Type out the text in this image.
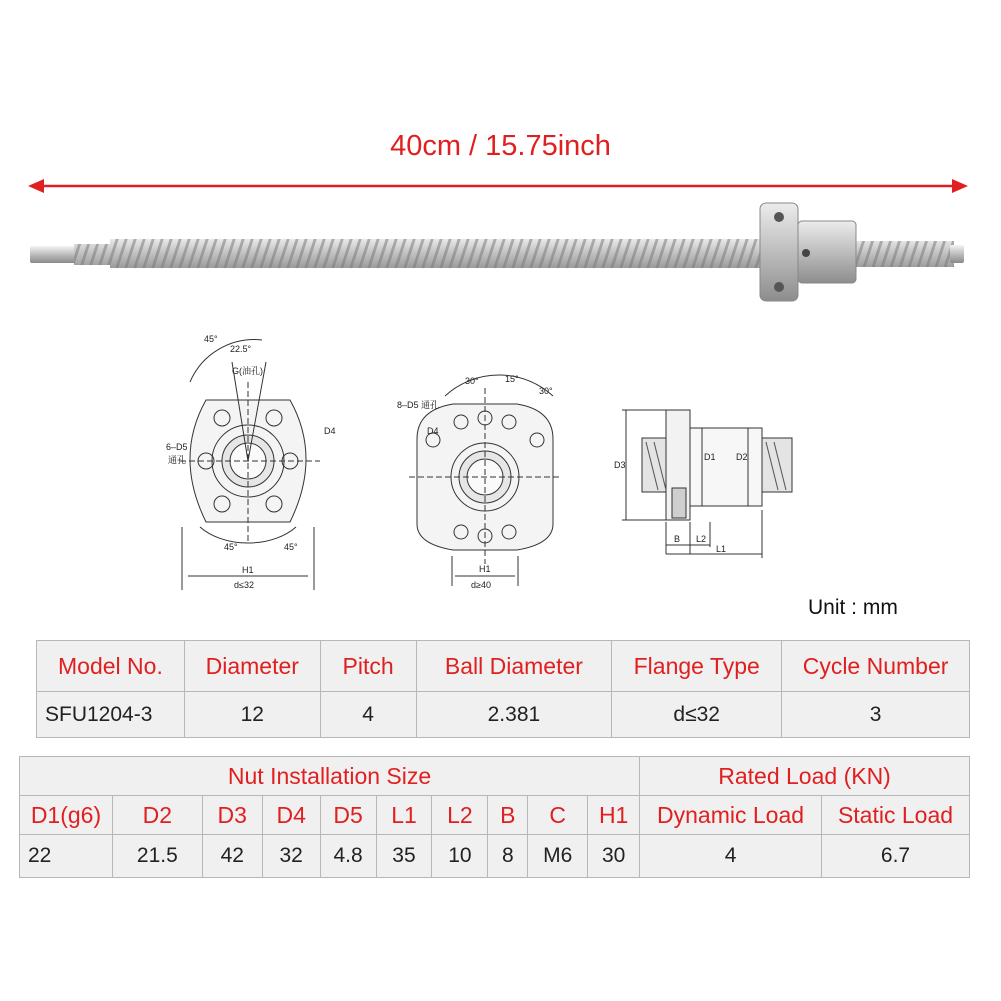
40cm / 15.75inch
45°
22.5°
G(油孔)
6–D5
通孔
D4
45°	45°
H1
d≤32
8–D5 通孔
30°	15°
30°
D4
H1
d≥40
D3
D1 D2
B L2
L1
Unit : mm
Model No.	Diameter	Pitch	Ball Diameter	Flange Type	Cycle Number
SFU1204-3	12	4	2.381	d≤32	3
Nut Installation Size										Rated Load (KN)	
D1(g6)	D2	D3	D4	D5	L1	L2	B	C	H1	Dynamic Load	Static Load
22	21.5	42	32	4.8	35	10	8	M6	30	4	6.7
